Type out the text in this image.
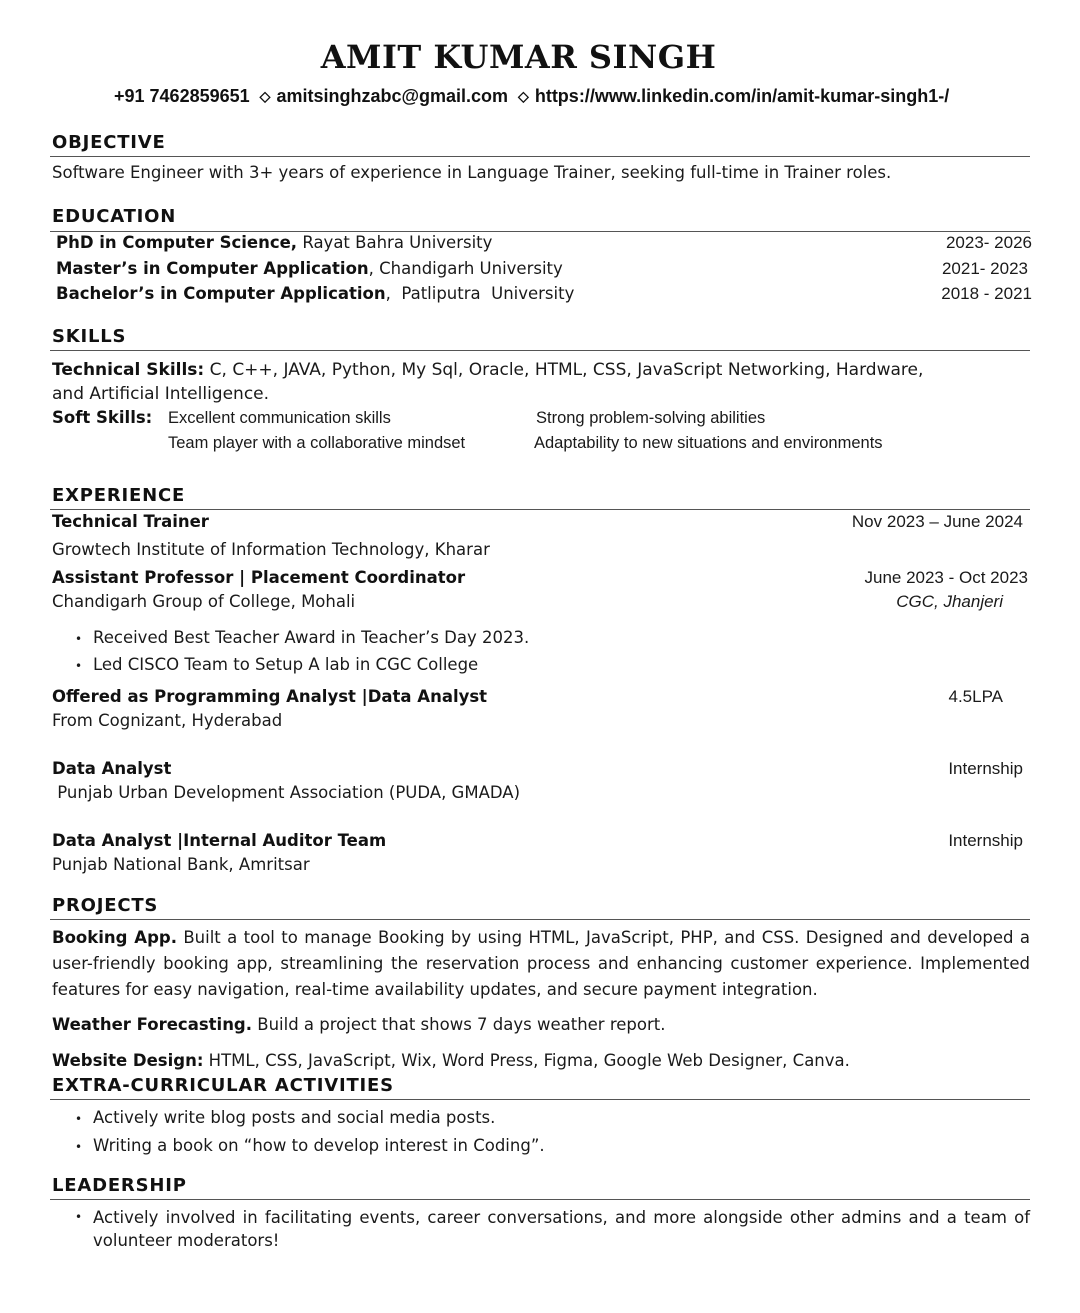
AMIT KUMAR SINGH
+91 7462859651 ◇ amitsinghzabc@gmail.com ◇ https://www.linkedin.com/in/amit-kumar-singh1-/
OBJECTIVE
Software Engineer with 3+ years of experience in Language Trainer, seeking full-time in Trainer roles.
EDUCATION
PhD in Computer Science, Rayat Bahra University	2023- 2026
Master’s in Computer Application, Chandigarh University	2021- 2023
Bachelor’s in Computer Application,  Patliputra  University	2018 - 2021
SKILLS
Technical Skills: C, C++, JAVA, Python, My Sql, Oracle, HTML, CSS, JavaScript Networking, Hardware,
and Artificial Intelligence.
Soft Skills: Excellent communication skills	Strong problem-solving abilities
Team player with a collaborative mindset	Adaptability to new situations and environments
EXPERIENCE
Technical Trainer	Nov 2023 – June 2024
Growtech Institute of Information Technology, Kharar
Assistant Professor | Placement Coordinator	June 2023 - Oct 2023
Chandigarh Group of College, Mohali	CGC, Jhanjeri
• Received Best Teacher Award in Teacher’s Day 2023.
• Led CISCO Team to Setup A lab in CGC College
Offered as Programming Analyst |Data Analyst	4.5LPA
From Cognizant, Hyderabad
Data Analyst	Internship
Punjab Urban Development Association (PUDA, GMADA)
Data Analyst |Internal Auditor Team	Internship
Punjab National Bank, Amritsar
PROJECTS
Booking App. Built a tool to manage Booking by using HTML, JavaScript, PHP, and CSS. Designed and developed a user-friendly booking app, streamlining the reservation process and enhancing customer experience. Implemented features for easy navigation, real-time availability updates, and secure payment integration.
Weather Forecasting. Build a project that shows 7 days weather report.
Website Design: HTML, CSS, JavaScript, Wix, Word Press, Figma, Google Web Designer, Canva.
EXTRA-CURRICULAR ACTIVITIES
• Actively write blog posts and social media posts.
• Writing a book on “how to develop interest in Coding”.
LEADERSHIP
• Actively involved in facilitating events, career conversations, and more alongside other admins and a team of volunteer moderators!
